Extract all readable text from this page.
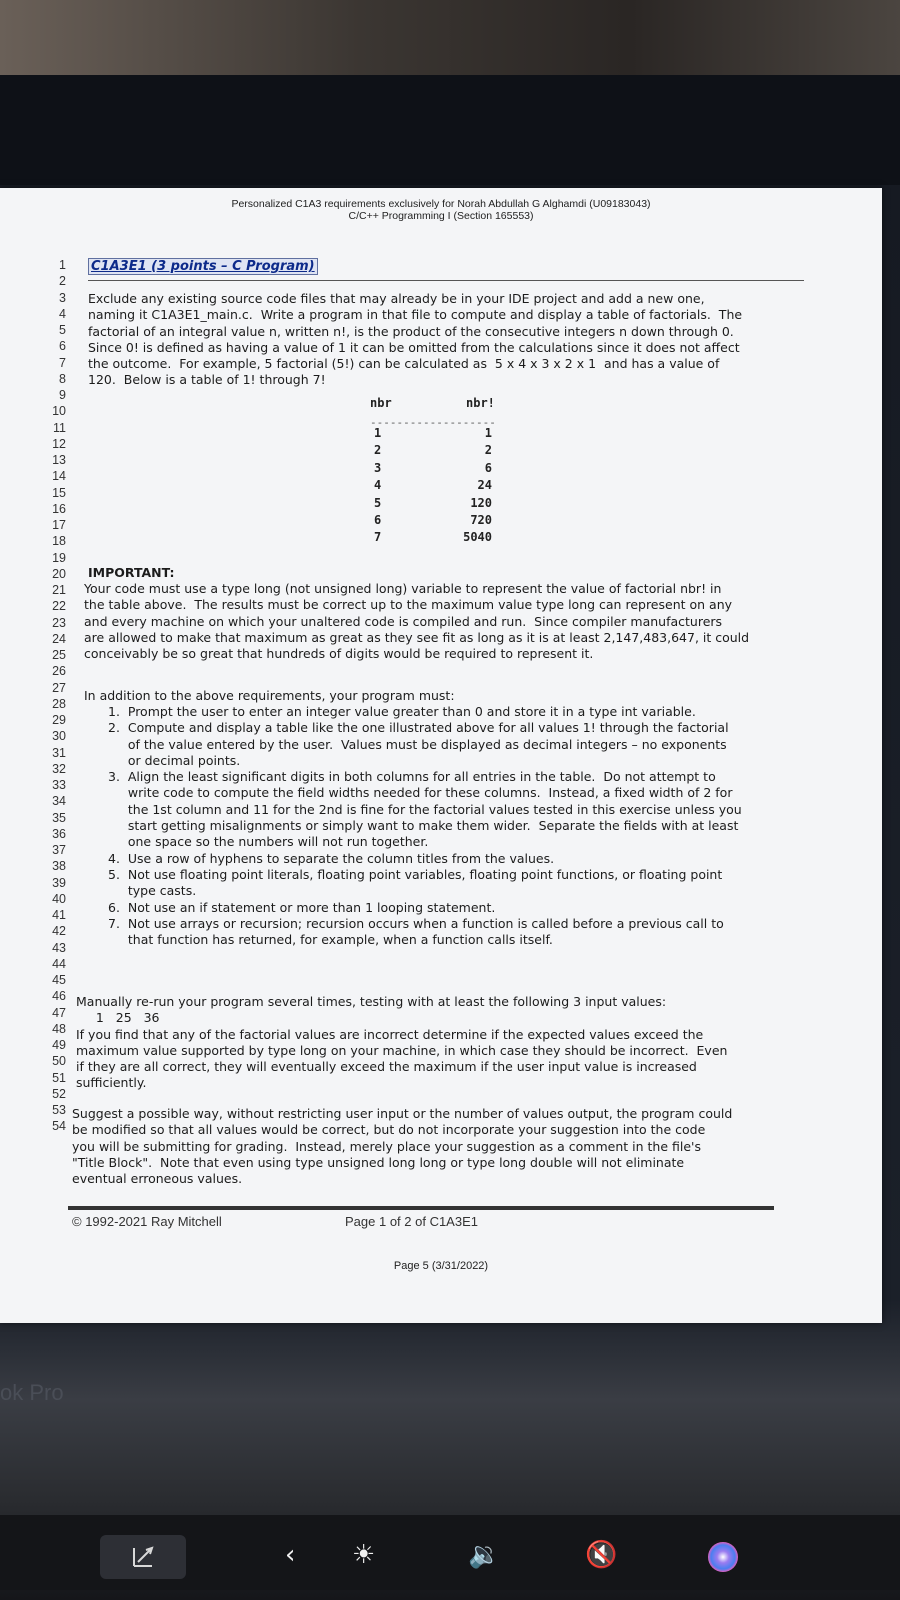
Personalized C1A3 requirements exclusively for Norah Abdullah G Alghamdi (U09183043)
C/C++ Programming I (Section 165553)
1
2
3
4
5
6
7
8
9
10
11
12
13
14
15
16
17
18
19
20
21
22
23
24
25
26
27
28
29
30
31
32
33
34
35
36
37
38
39
40
41
42
43
44
45
46
47
48
49
50
51
52
53
54
C1A3E1 (3 points – C Program)
Exclude any existing source code files that may already be in your IDE project and add a new one,
naming it C1A3E1_main.c.  Write a program in that file to compute and display a table of factorials.  The
factorial of an integral value n, written n!, is the product of the consecutive integers n down through 0.
Since 0! is defined as having a value of 1 it can be omitted from the calculations since it does not affect
the outcome.  For example, 5 factorial (5!) can be calculated as  5 x 4 x 3 x 2 x 1  and has a value of
120.  Below is a table of 1! through 7!
nbr	nbr!
-------------------
1	1
2	2
3	6
4	24
5	120
6	720
7	5040
IMPORTANT:
Your code must use a type long (not unsigned long) variable to represent the value of factorial nbr! in
the table above.  The results must be correct up to the maximum value type long can represent on any
and every machine on which your unaltered code is compiled and run.  Since compiler manufacturers
are allowed to make that maximum as great as they see fit as long as it is at least 2,147,483,647, it could
conceivably be so great that hundreds of digits would be required to represent it.
In addition to the above requirements, your program must:
1.  Prompt the user to enter an integer value greater than 0 and store it in a type int variable.
2.  Compute and display a table like the one illustrated above for all values 1! through the factorial
of the value entered by the user.  Values must be displayed as decimal integers – no exponents
or decimal points.
3.  Align the least significant digits in both columns for all entries in the table.  Do not attempt to
write code to compute the field widths needed for these columns.  Instead, a fixed width of 2 for
the 1st column and 11 for the 2nd is fine for the factorial values tested in this exercise unless you
start getting misalignments or simply want to make them wider.  Separate the fields with at least
one space so the numbers will not run together.
4.  Use a row of hyphens to separate the column titles from the values.
5.  Not use floating point literals, floating point variables, floating point functions, or floating point
type casts.
6.  Not use an if statement or more than 1 looping statement.
7.  Not use arrays or recursion; recursion occurs when a function is called before a previous call to
that function has returned, for example, when a function calls itself.
Manually re-run your program several times, testing with at least the following 3 input values:
1   25   36
If you find that any of the factorial values are incorrect determine if the expected values exceed the
maximum value supported by type long on your machine, in which case they should be incorrect.  Even
if they are all correct, they will eventually exceed the maximum if the user input value is increased
sufficiently.
Suggest a possible way, without restricting user input or the number of values output, the program could
be modified so that all values would be correct, but do not incorporate your suggestion into the code
you will be submitting for grading.  Instead, merely place your suggestion as a comment in the file's
"Title Block".  Note that even using type unsigned long long or type long double will not eliminate
eventual erroneous values.
© 1992-2021 Ray Mitchell	Page 1 of 2 of C1A3E1
Page 5 (3/31/2022)
ok Pro
‹ ☀	🔉	🔇
